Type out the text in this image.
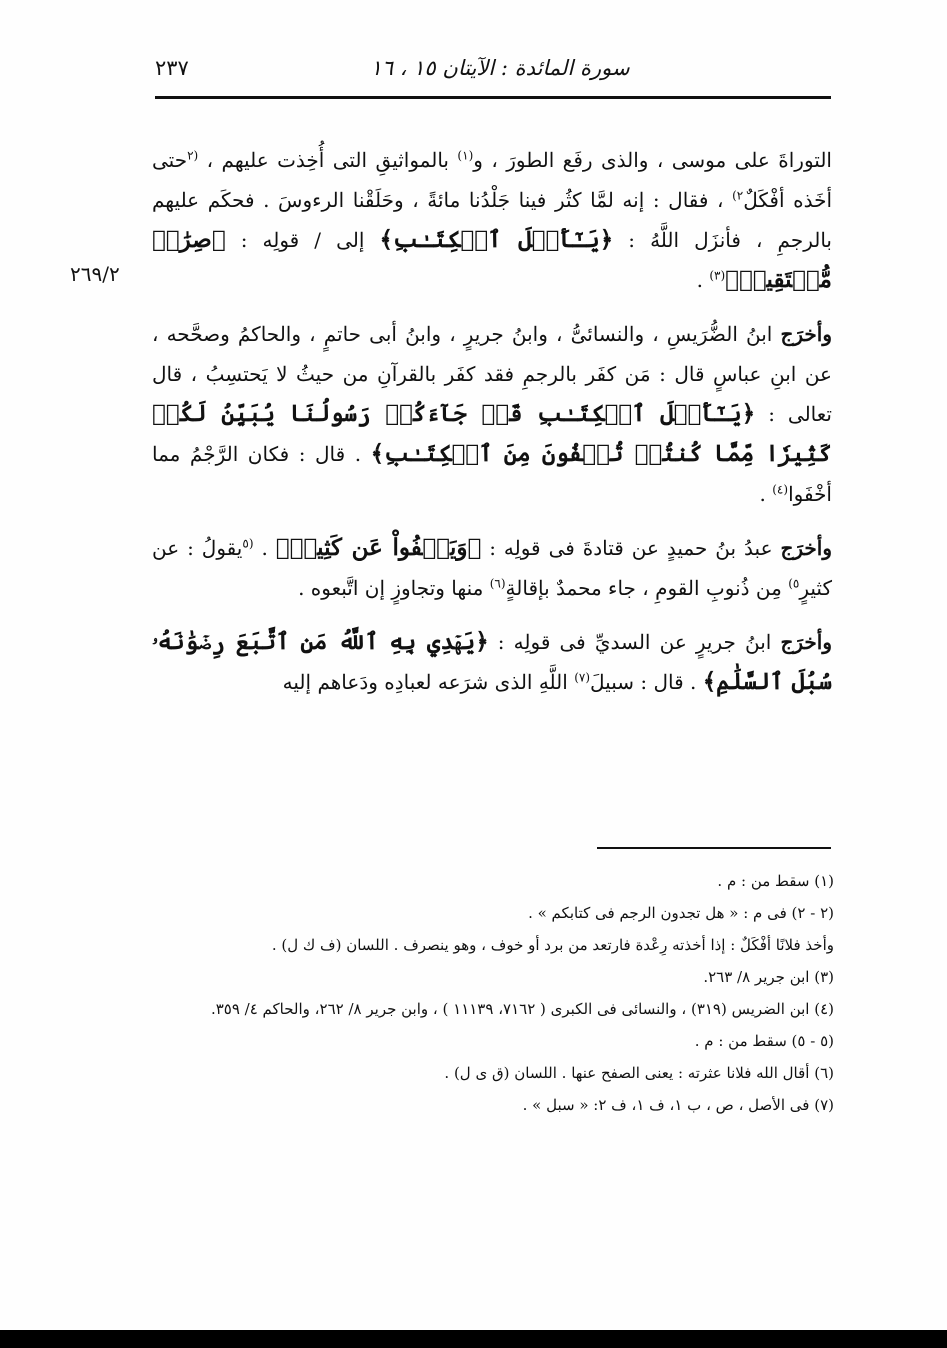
٢٣٧	سورة المائدة : الآيتان ١٥ ، ١٦
٢٦٩/٢

التوراةَ على موسى ، والذى رفَع الطورَ ، و$^{(١)}$ بالمواثيقِ التى أُخِذت عليهم ، $^{(٢}$حتى أخَذه أفْكَلٌ$^{٢)}$ ، فقال : إنه لمَّا كثُر فينا جَلْدُنا مائةً ، وحَلَقْنا الرءوسَ . فحكَم عليهم بالرجمِ ، فأنزَل اللَّهُ : ﴿يَـٰٓأَهۡلَ ٱلۡكِتَـٰبِ﴾ إلى / قولِه : ﴿صِرَٰطٖ مُّسۡتَقِيمٖ﴾$^{(٣)}$ .

وأخرَج ابنُ الضُّرَيسِ ، والنسائىُّ ، وابنُ جريرٍ ، وابنُ أبى حاتمٍ ، والحاكمُ وصحَّحه ، عن ابنِ عباسٍ قال : مَن كفَر بالرجمِ فقد كفَر بالقرآنِ من حيثُ لا يَحتسِبُ ، قال تعالى : ﴿يَـٰٓأَهۡلَ ٱلۡكِتَـٰبِ قَدۡ جَآءَكُمۡ رَسُولُنَا يُبَيِّنُ لَكُمۡ كَثِيرٗا مِّمَّا كُنتُمۡ تُخۡفُونَ مِنَ ٱلۡكِتَـٰبِ﴾ . قال : فكان الرَّجْمُ مما أخْفَوا$^{(٤)}$ .

وأخرَج عبدُ بنُ حميدٍ عن قتادةَ فى قولِه : ﴿وَيَعۡفُواْ عَن كَثِيرٖ﴾ . $^{(٥}$يقولُ : عن كثيرٍ$^{٥)}$ مِن ذُنوبِ القومِ ، جاء محمدٌ بإقالةٍ$^{(٦)}$ منها وتجاوزٍ إن اتَّبعوه .

وأخرَج ابنُ جريرٍ عن السديِّ فى قولِه : ﴿يَهۡدِي بِهِ ٱللَّهُ مَنِ ٱتَّبَعَ رِضۡوَٰنَهُۥ سُبُلَ ٱلسَّلَٰمِ﴾ . قال : سبيلَ$^{(٧)}$ اللَّهِ الذى شرَعه لعبادِه ودَعاهم إليه

(١) سقط من : م .

(٢ - ٢) فى م : « هل تجدون الرجم فى كتابكم » .

وأخذ فلانًا أفْكَلٌ : إذا أخذته رِعْدة فارتعد من برد أو خوف ، وهو ينصرف . اللسان (ف ك ل) .

(٣) ابن جرير ٨/ ٢٦٣.

(٤) ابن الضريس (٣١٩) ، والنسائى فى الكبرى ( ٧١٦٢، ١١١٣٩ ) ، وابن جرير ٨/ ٢٦٢، والحاكم ٤/ ٣٥٩.

(٥ - ٥) سقط من : م .

(٦) أقال الله فلانا عثرته : يعنى الصفح عنها . اللسان (ق ى ل) .

(٧) فى الأصل ، ص ، ب ١، ف ١، ف ٢: « سبل » .
